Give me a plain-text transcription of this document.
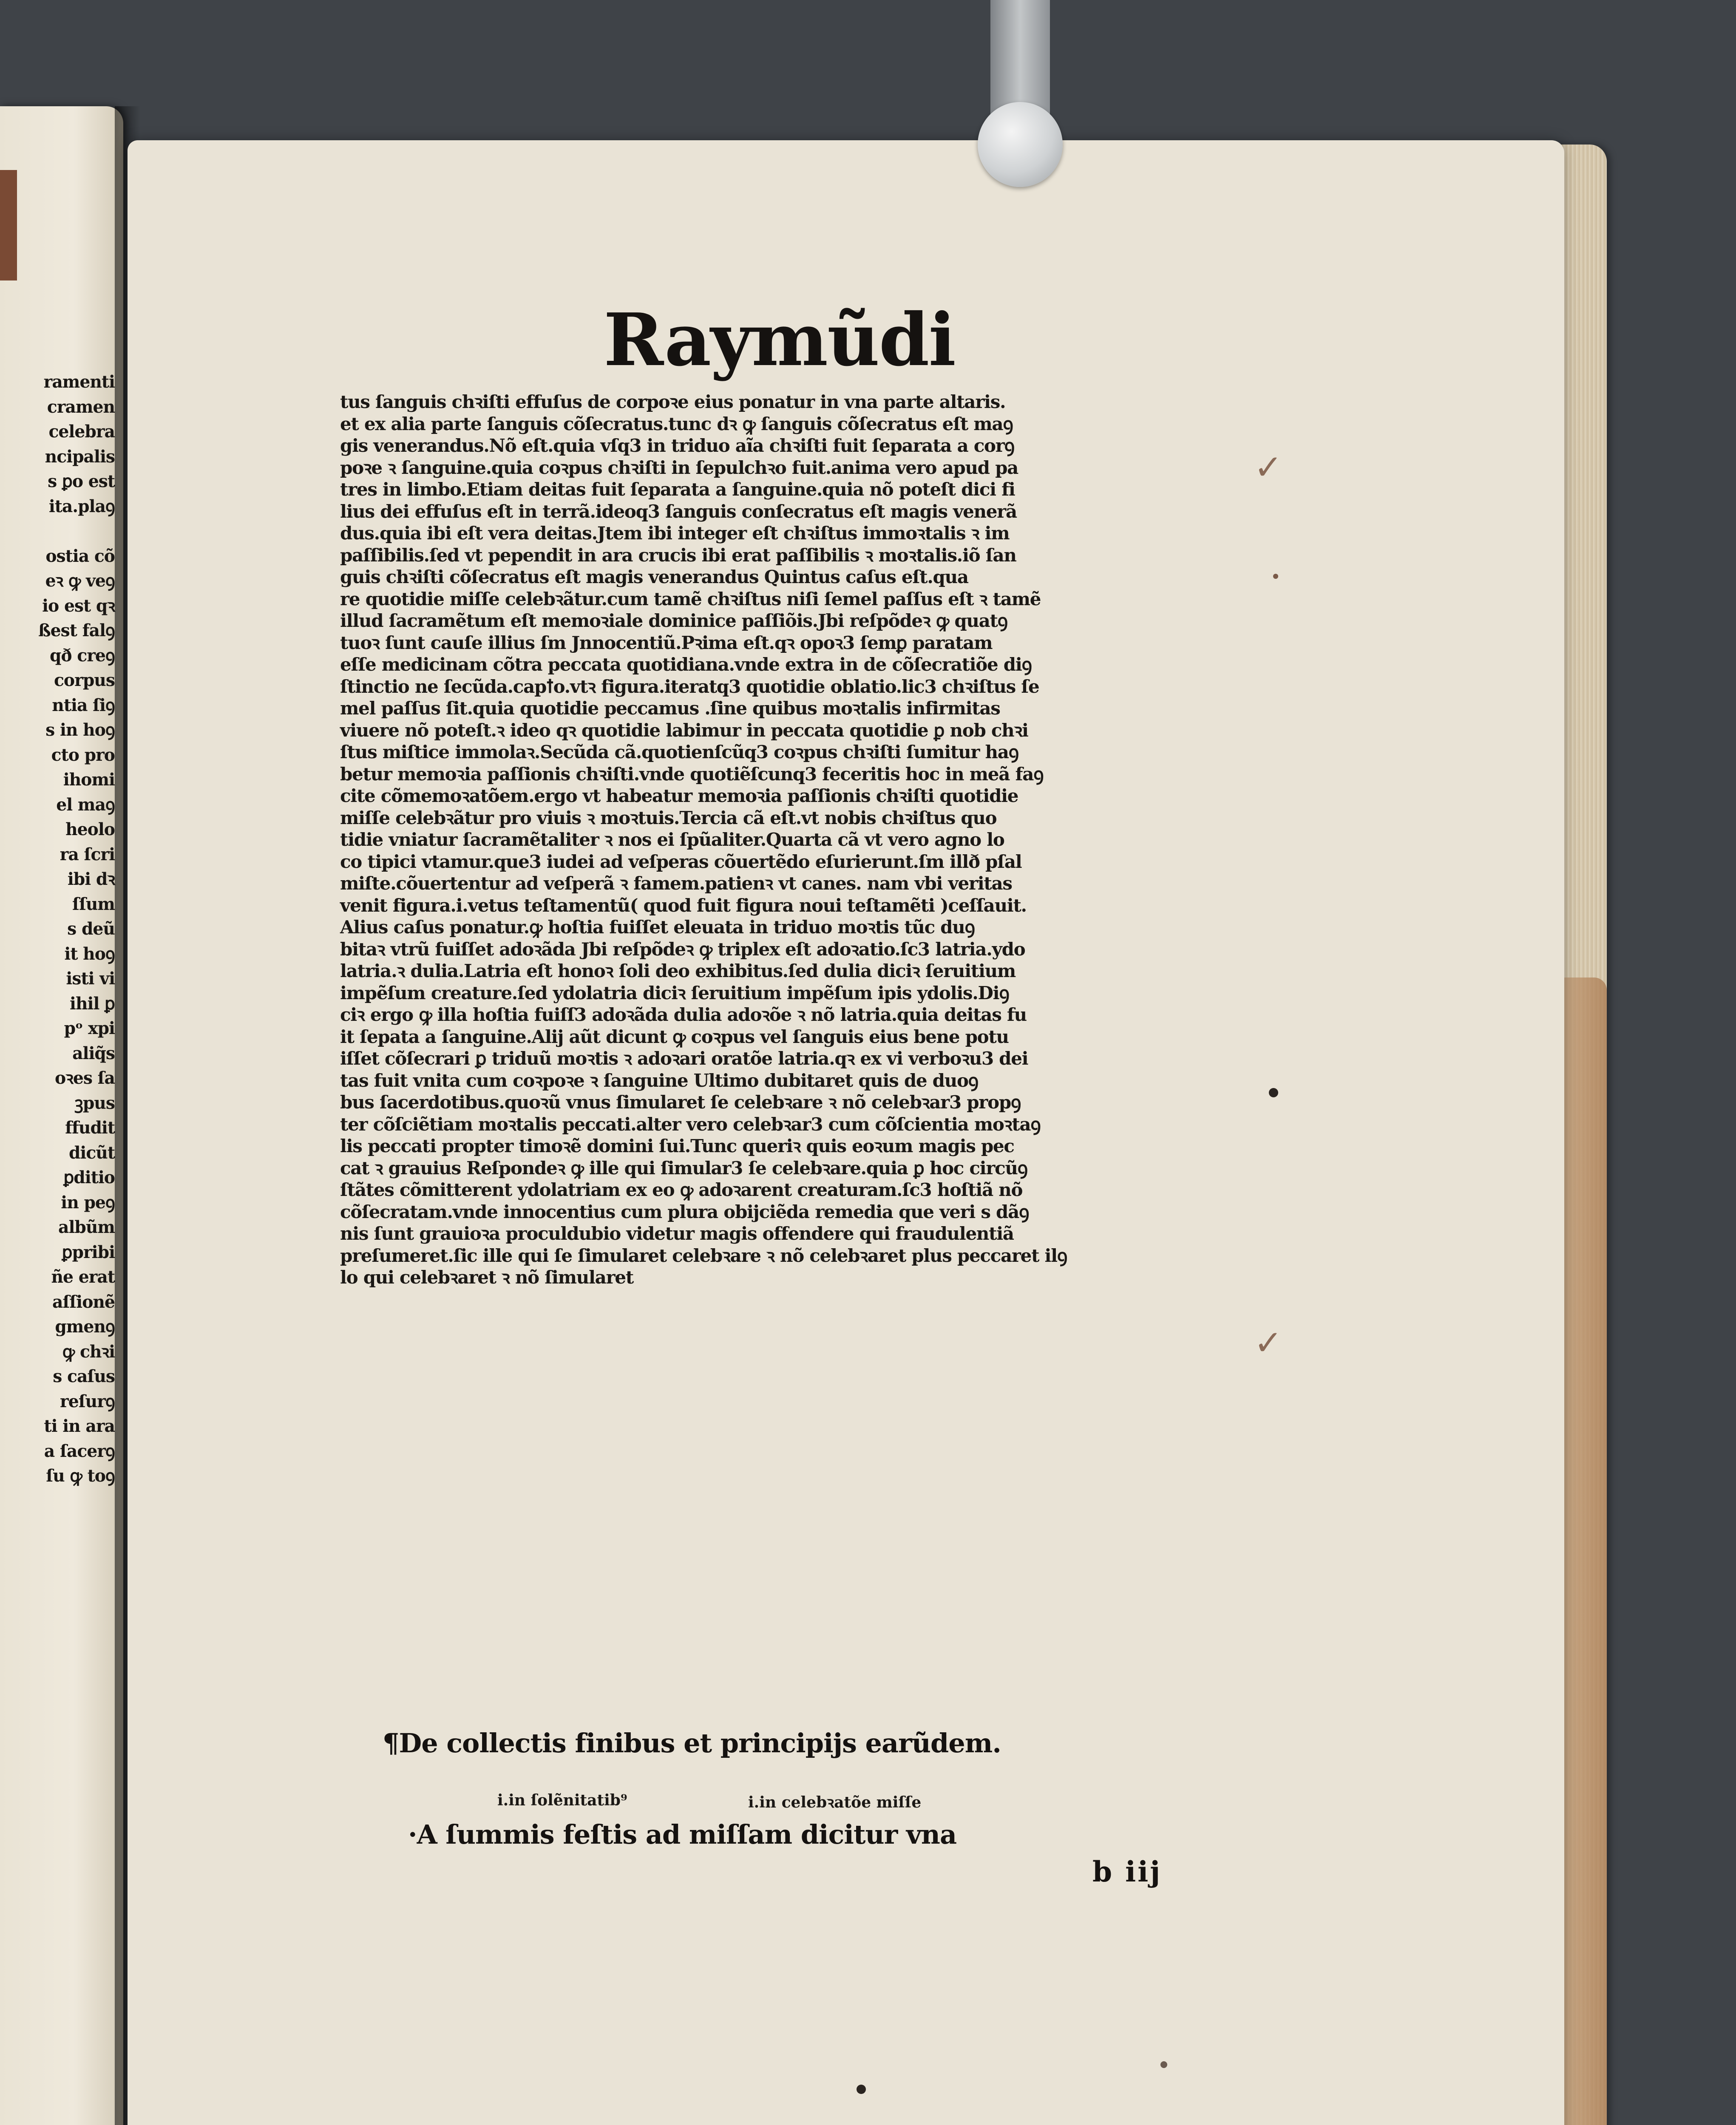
ramenti
cramen
celebra
ncipalis
s ꝑo est
ita.plaꝯ
ostia cõ
eꝛ ꝙ veꝯ
io est qꝛ
ßest falꝯ
qð creꝯ
corpus
ntia ſiꝯ
s in hoꝯ
cto pro
ihomi
el maꝯ
heolo
ra ſcri
ibi dꝛ
ſſum
s deũ
it hoꝯ
isti vi
ihil ꝑ
pᵒ xpi
aliq̃s
oꝛes ſa
ꝫpus
ffudit
dicũt
ꝑditio
in peꝯ
albũm
ꝑpribi
ñe erat
aſſionẽ
gmenꝯ
ꝙ chꝛi
s caſus
reſurꝯ
ti in ara
a ſacerꝯ
ſu ꝙ toꝯ
Raymũdi
tus ſanguis chꝛiſti effuſus de corpoꝛe eius ponatur in vna parte altaris.
et ex alia parte ſanguis cõſecratus.tunc dꝛ ꝙ ſanguis cõſecratus eſt maꝯ
gis venerandus.Nõ eſt.quia vſq3 in triduo aĩa chꝛiſti fuit ſeparata a corꝯ
poꝛe ꝛ ſanguine.quia coꝛpus chꝛiſti in ſepulchꝛo fuit.anima vero apud pa
tres in limbo.Etiam deitas fuit ſeparata a ſanguine.quia nõ poteſt dici fi
lius dei effuſus eſt in terrã.ideoq3 ſanguis conſecratus eſt magis venerã
dus.quia ibi eſt vera deitas.Jtem ibi integer eſt chꝛiſtus immoꝛtalis ꝛ im
paſſibilis.ſed vt pependit in ara crucis ibi erat paſſibilis ꝛ moꝛtalis.iõ ſan
guis chꝛiſti cõſecratus eſt magis venerandus Quintus caſus eſt.qua
re quotidie miſſe celebꝛãtur.cum tamẽ chꝛiſtus niſi ſemel paſſus eſt ꝛ tamẽ
illud ſacramẽtum eſt memoꝛiale dominice paſſiõis.Jbi reſpõdeꝛ ꝙ quatꝯ
tuoꝛ ſunt cauſe illius ſm Jnnocentiũ.Pꝛima eſt.qꝛ opoꝛ3 ſemꝑ paratam
eſſe medicinam cõtra peccata quotidiana.vnde extra in de cõſecratiõe diꝯ
ſtinctio ne ſecũda.capꝉo.vtꝛ figura.iteratq3 quotidie oblatio.lic3 chꝛiſtus ſe
mel paſſus ſit.quia quotidie peccamus .ſine quibus moꝛtalis infirmitas
viuere nõ poteſt.ꝛ ideo qꝛ quotidie labimur in peccata quotidie ꝑ nob chꝛi
ſtus miſtice immolaꝛ.Secũda cã.quotienſcũq3 coꝛpus chꝛiſti ſumitur haꝯ
betur memoꝛia paſſionis chꝛiſti.vnde quotiẽſcunq3 feceritis hoc in meã faꝯ
cite cõmemoꝛatõem.ergo vt habeatur memoꝛia paſſionis chꝛiſti quotidie
miſſe celebꝛãtur pro viuis ꝛ moꝛtuis.Tercia cã eſt.vt nobis chꝛiſtus quo
tidie vniatur ſacramẽtaliter ꝛ nos ei ſpũaliter.Quarta cã vt vero agno lo
co tipici vtamur.que3 iudei ad veſperas cõuertẽdo eſurierunt.ſm illð pſal
miſte.cõuertentur ad veſperã ꝛ famem.patienꝛ vt canes. nam vbi veritas
venit figura.i.vetus teſtamentũ( quod fuit figura noui teſtamẽti )ceſſauit.
Alius caſus ponatur.ꝙ hoſtia fuiſſet eleuata in triduo moꝛtis tũc duꝯ
bitaꝛ vtrũ fuiſſet adoꝛãda Jbi reſpõdeꝛ ꝙ triplex eſt adoꝛatio.ſc3 latria.ydo
latria.ꝛ dulia.Latria eſt honoꝛ ſoli deo exhibitus.ſed dulia diciꝛ ſeruitium
impẽſum creature.ſed ydolatria diciꝛ ſeruitium impẽſum ipis ydolis.Diꝯ
ciꝛ ergo ꝙ illa hoſtia fuiſſ3 adoꝛãda dulia adoꝛõe ꝛ nõ latria.quia deitas fu
it ſepata a ſanguine.Alij aũt dicunt ꝙ coꝛpus vel ſanguis eius bene potu
iſſet cõſecrari ꝑ triduũ moꝛtis ꝛ adoꝛari oratõe latria.qꝛ ex vi verboꝛu3 dei
tas fuit vnita cum coꝛpoꝛe ꝛ ſanguine Ultimo dubitaret quis de duoꝯ
bus ſacerdotibus.quoꝛũ vnus ſimularet ſe celebꝛare ꝛ nõ celebꝛar3 propꝯ
ter cõſciẽtiam moꝛtalis peccati.alter vero celebꝛar3 cum cõſcientia moꝛtaꝯ
lis peccati propter timoꝛẽ domini ſui.Tunc queriꝛ quis eoꝛum magis pec
cat ꝛ grauius Reſpondeꝛ ꝙ ille qui ſimular3 ſe celebꝛare.quia ꝑ hoc circũꝯ
ſtãtes cõmitterent ydolatriam ex eo ꝙ adoꝛarent creaturam.ſc3 hoſtiã nõ
cõſecratam.vnde innocentius cum plura obijciẽda remedia que veri s dãꝯ
nis ſunt grauioꝛa proculdubio videtur magis offendere qui fraudulentiã
preſumeret.ſic ille qui ſe ſimularet celebꝛare ꝛ nõ celebꝛaret plus peccaret ilꝯ
lo qui celebꝛaret ꝛ nõ ſimularet
¶De collectis finibus et principijs earũdem.
i.in ſolẽnitatib⁹	i.in celebꝛatõe miſſe
·A ſummis feſtis ad miſſam dicitur vna
b iij
✓
✓
